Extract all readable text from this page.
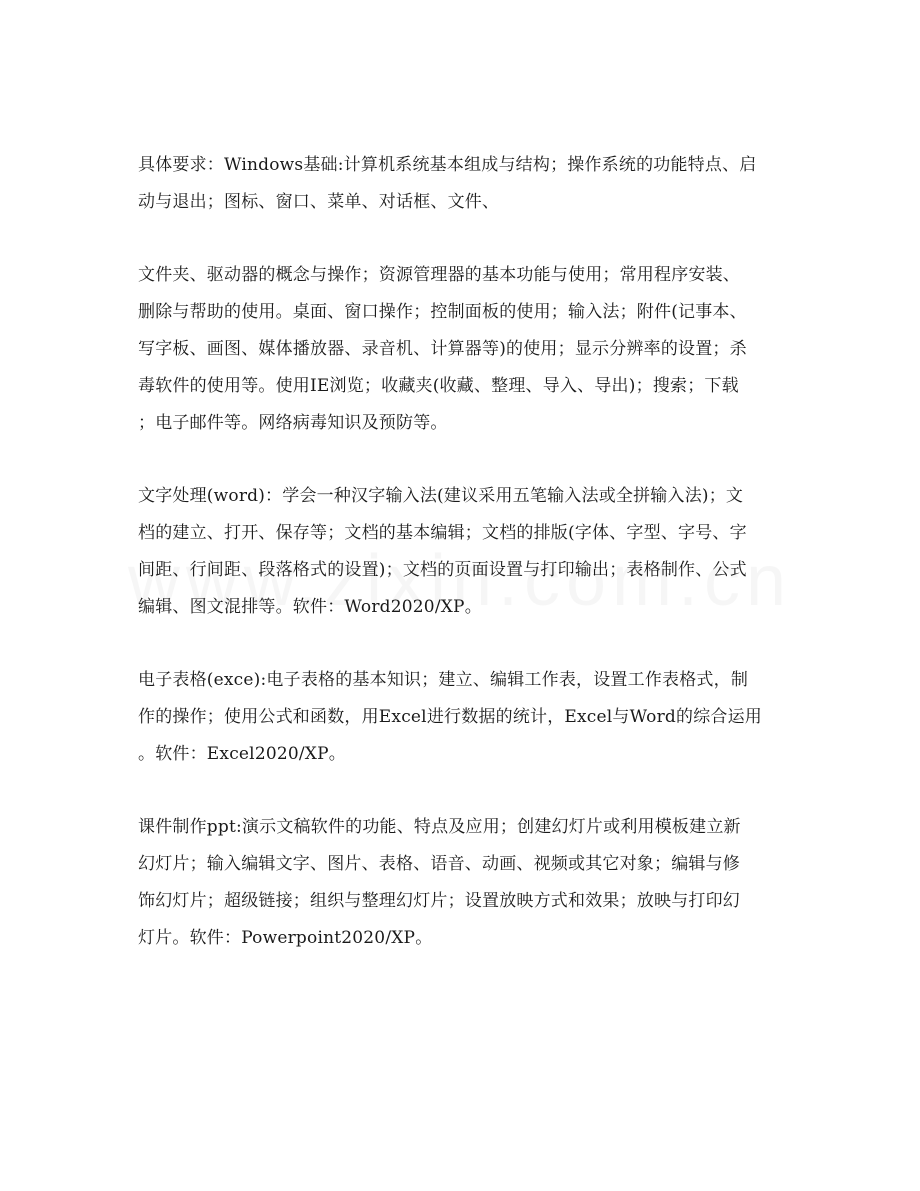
具体要求：Windows基础:计算机系统基本组成与结构；操作系统的功能特点、启
动与退出；图标、窗口、菜单、对话框、文件、
文件夹、驱动器的概念与操作；资源管理器的基本功能与使用；常用程序安装、
删除与帮助的使用。桌面、窗口操作；控制面板的使用；输入法；附件(记事本、
写字板、画图、媒体播放器、录音机、计算器等)的使用；显示分辨率的设置；杀
毒软件的使用等。使用IE浏览；收藏夹(收藏、整理、导入、导出)；搜索；下载
；电子邮件等。网络病毒知识及预防等。
文字处理(word)：学会一种汉字输入法(建议采用五笔输入法或全拼输入法)；文
档的建立、打开、保存等；文档的基本编辑；文档的排版(字体、字型、字号、字
间距、行间距、段落格式的设置)；文档的页面设置与打印输出；表格制作、公式
编辑、图文混排等。软件：Word2020/XP。
电子表格(exce):电子表格的基本知识；建立、编辑工作表，设置工作表格式，制
作的操作；使用公式和函数，用Excel进行数据的统计，Excel与Word的综合运用
。软件：Excel2020/XP。
课件制作ppt:演示文稿软件的功能、特点及应用；创建幻灯片或利用模板建立新
幻灯片；输入编辑文字、图片、表格、语音、动画、视频或其它对象；编辑与修
饰幻灯片；超级链接；组织与整理幻灯片；设置放映方式和效果；放映与打印幻
灯片。软件：Powerpoint2020/XP。
